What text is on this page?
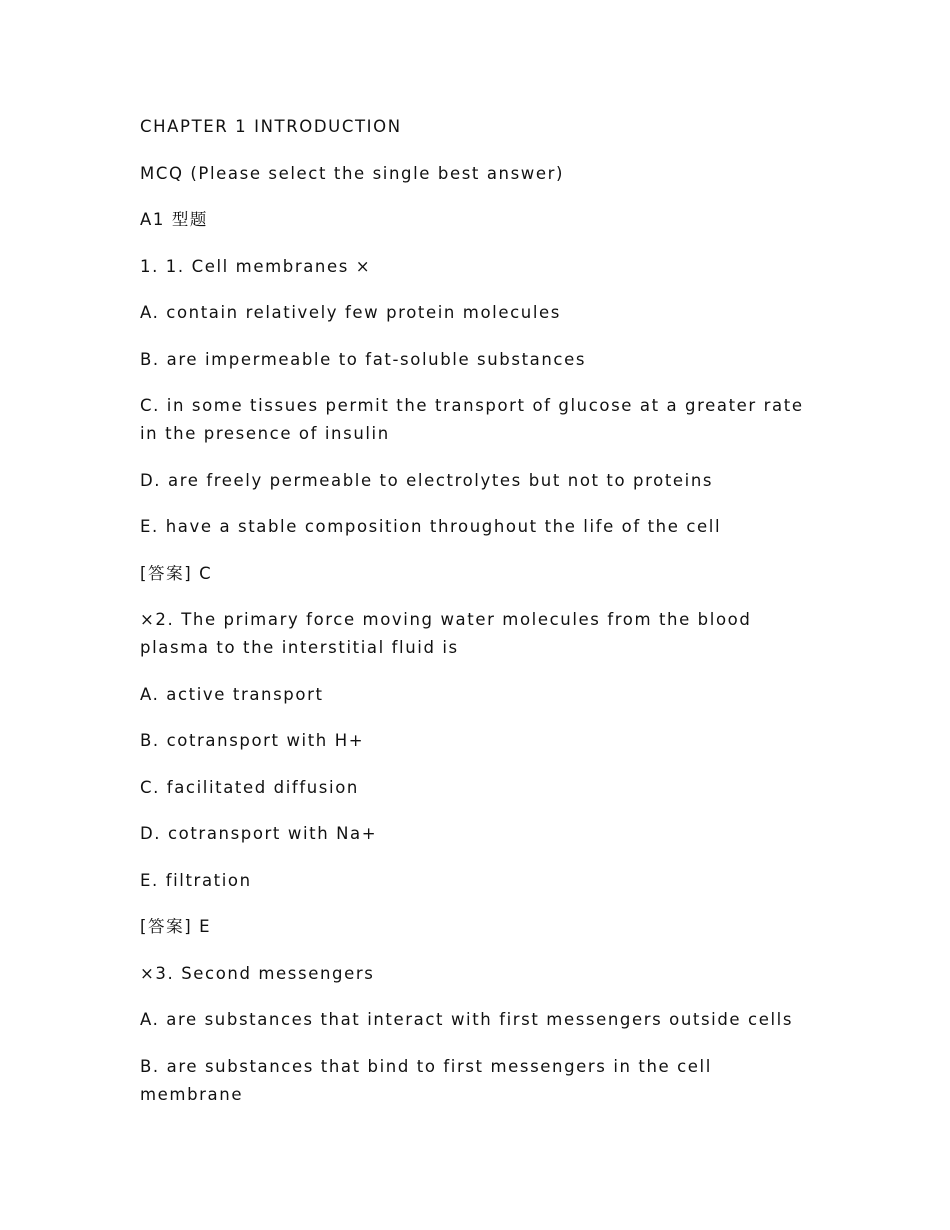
CHAPTER 1 INTRODUCTION

MCQ (Please select the single best answer)

A1 型题

1. 1. Cell membranes ×

A. contain relatively few protein molecules

B. are impermeable to fat-soluble substances

C. in some tissues permit the transport of glucose at a greater rate in the presence of insulin

D. are freely permeable to electrolytes but not to proteins

E. have a stable composition throughout the life of the cell

[答案] C

×2. The primary force moving water molecules from the blood plasma to the interstitial fluid is

A. active transport

B. cotransport with H+

C. facilitated diffusion

D. cotransport with Na+

E. filtration

[答案] E

×3. Second messengers

A. are substances that interact with first messengers outside cells

B. are substances that bind to first messengers in the cell membrane
